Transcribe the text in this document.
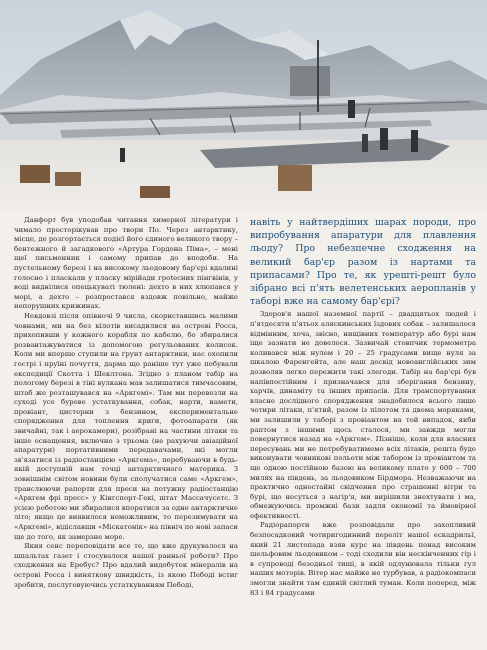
Данфорт був уподобав читання химерної літератури і чимало просторікував про твори По. Через антарктику, місце, де розгортається подієї його єдиного великого твору – бентежного й загадкового «Артура Гордона Піма», – мені щеї письменник і самому припав до вподоби. На пустельному березі і на високому льодовому бар'єрі вдалині голосно і пласкали у пласку мірійади грotесних пінгвінів, у воді виднілися опецькуваті тюлені: дехто в них хлюпався у морі, а дехто – розпростався вздовж повільно, майже непорушних крижинах.

Невдовзі після опівночі 9 числа, скориставшись малими човнами, ми на без кілотів висадилися на острові Росса, прихопивши у кожного корабля по кабелю, бо збиралися розвантажуватися із допомогою регульованих колисок. Коли ми вперше ступили на ґрунт антарктики, нас охопили гострі і пруїні почуття, дарма що раніше тут уже побували експедиції Скотта і Шеклтона. Згідно з планом табір на пологому березі в тіні вулкана мав залишатися тимчасовим, штаб же розташувався на «Аркгемі». Там ми перевезли на суході усе бурове устаткування, собак, нарти, намети, провіант, цистерни з бензином, експериментальне спорядження для топлення криги, фотоапарати (як звичайні, так і аерокамери), розібрані на частини літаки та інше оснащення, включно з трьома (не рахуючи авіаційної апаратури) портативними передавачами, які могли зв'язатися із радіостанцією «Аркгема», перебуваючи в будь-якій доступній нам точці антарктичного материка. З зовнішнім світом новини були сполучатися саме «Аркгем», транслюючи рапорти для преси на потужну радіостанцію «Аркгем фрі пресс» у Кінгспорт-Гекі, штат Массачусетс. З усією роботою ми збиралися впоратися за одне антарктичне літо; якщо це виявилося неможливим, то перезимувати на «Аркгемі», відіславши «Міскатонік» на північ по нові запаси ще до того, як замерзне море.

Якия сенс переповідати все те, що вже друкувалося на шпальтах газет і стосувалося нашої ранньої роботи? Про сходження на Еребус? Про вдалий видобуток мінералів на острові Росса і виняткову швидкість, із якою Пебоді встиг зробити, послуговуючись устаткуванням Пебоді,

навіть у найтвердіших шарах породи, про випробування апаратури для плавлення льоду? Про небезпечне сходження на великий бар'єр разом із нартами та припасами? Про те, як урешті-решт було зібрано всі п'ять велетенських аеропланів у таборі вже на самому бар'єрі?

Здоров'я нашої наземної партії – двадцятьох людей і п'ятдесяти п'ятьох аляскинських їздових собак – залишалося відмінним, хоча, звісно, нищівних температур або бурі нам іще зазнати не довелося. Зазвичай стовпчик термометра коливався між нулем і 20 – 25 градусами вище нуля за шкалою Фаренгейта, але наш досвід новоанглійських зим дозволяв легко пережити такі злегоди. Табір на бар'єрі був напівпостійним і призначався для зберігання бензину, харчів, динаміту та інших припасів. Для транспортування власне дослідного спорядження знадобилося всього лише чотири літаки, п'ятий, разом із пілотом та двома моряками, ми залишили у таборі з провіантом на той випадок, якби раптом з іншими щось сталося, ми завжди могли повернутися назад на «Аркгем». Пізніше, коли для власних пересувань ми не потребуватимемо всіх літаків, решта буде виконувати човникові польоти між табором із провіантом та ще одною постійною базою на великому плато у 600 – 700 милях на південь, за льодовиком Бірдмора. Незважаючи на практично одностайні свідчення про страшенні вітри та бурі, що несуться з нагір'я, ми вирішили знехтувати і ма, обмежуючись промжні бази задля економії та ймовірної ефективності.

Радіорапорти вже розповідали про захопливий безпосадковий чотиригодинний переліт нашої ескадрильї, який 21 листопада взяв курс на південь понад високим шельфовим льодовиком – тоді сходили він нескінченних гір і в супроводі безодньої тиші, в якій одлунювала тільки гул наших моторів. Вітер нас майже не турбував, а радіокомпаси змогли знайти там єдиній світлий туман. Коли поперед, між 83 і 84 градусами
